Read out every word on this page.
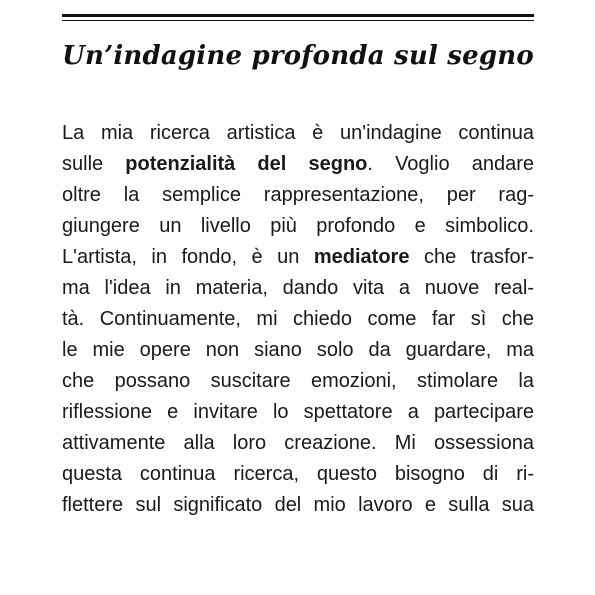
Un’indagine profonda sul segno
La mia ricerca artistica è un'indagine continua
sulle potenzialità del segno. Voglio andare
oltre la semplice rappresentazione, per rag-
giungere un livello più profondo e simbolico.
L'artista, in fondo, è un mediatore che trasfor-
ma l'idea in materia, dando vita a nuove real-
tà. Continuamente, mi chiedo come far sì che
le mie opere non siano solo da guardare, ma
che possano suscitare emozioni, stimolare la
riflessione e invitare lo spettatore a partecipare
attivamente alla loro creazione. Mi ossessiona
questa continua ricerca, questo bisogno di ri-
flettere sul significato del mio lavoro e sulla sua
